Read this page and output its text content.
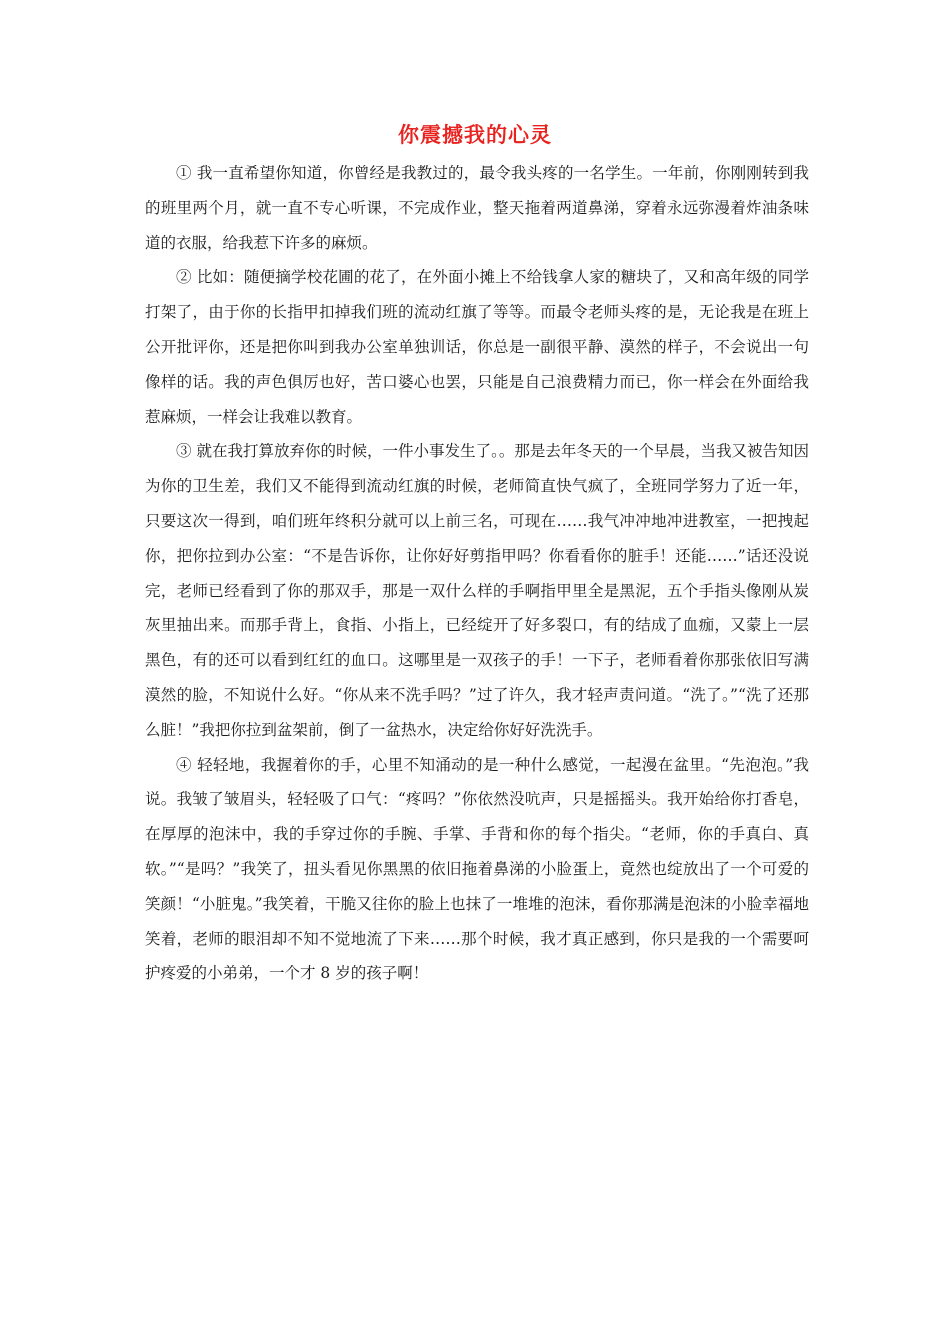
你震撼我的心灵

① 我一直希望你知道，你曾经是我教过的，最令我头疼的一名学生。一年前，你刚刚转到我的班里两个月，就一直不专心听课，不完成作业，整天拖着两道鼻涕，穿着永远弥漫着炸油条味道的衣服，给我惹下许多的麻烦。

② 比如：随便摘学校花圃的花了，在外面小摊上不给钱拿人家的糖块了，又和高年级的同学打架了，由于你的长指甲扣掉我们班的流动红旗了等等。而最令老师头疼的是，无论我是在班上公开批评你，还是把你叫到我办公室单独训话，你总是一副很平静、漠然的样子，不会说出一句像样的话。我的声色俱厉也好，苦口婆心也罢，只能是自己浪费精力而已，你一样会在外面给我惹麻烦，一样会让我难以教育。

③ 就在我打算放弃你的时候，一件小事发生了。。那是去年冬天的一个早晨，当我又被告知因为你的卫生差，我们又不能得到流动红旗的时候，老师简直快气疯了，全班同学努力了近一年，只要这次一得到，咱们班年终积分就可以上前三名，可现在……我气冲冲地冲进教室，一把拽起你，把你拉到办公室：“不是告诉你，让你好好剪指甲吗？你看看你的脏手！还能……”话还没说完，老师已经看到了你的那双手，那是一双什么样的手啊指甲里全是黑泥，五个手指头像刚从炭灰里抽出来。而那手背上，食指、小指上，已经绽开了好多裂口，有的结成了血痂，又蒙上一层黑色，有的还可以看到红红的血口。这哪里是一双孩子的手！一下子，老师看着你那张依旧写满漠然的脸，不知说什么好。“你从来不洗手吗？”过了许久，我才轻声责问道。“洗了。”“洗了还那么脏！”我把你拉到盆架前，倒了一盆热水，决定给你好好洗洗手。

④ 轻轻地，我握着你的手，心里不知涌动的是一种什么感觉，一起漫在盆里。“先泡泡。”我说。我皱了皱眉头，轻轻吸了口气：“疼吗？”你依然没吭声，只是摇摇头。我开始给你打香皂，在厚厚的泡沫中，我的手穿过你的手腕、手掌、手背和你的每个指尖。“老师，你的手真白、真软。”“是吗？”我笑了，扭头看见你黑黑的依旧拖着鼻涕的小脸蛋上，竟然也绽放出了一个可爱的笑颜！“小脏鬼。”我笑着，干脆又往你的脸上也抹了一堆堆的泡沫，看你那满是泡沫的小脸幸福地笑着，老师的眼泪却不知不觉地流了下来……那个时候，我才真正感到，你只是我的一个需要呵护疼爱的小弟弟，一个才 8 岁的孩子啊！
